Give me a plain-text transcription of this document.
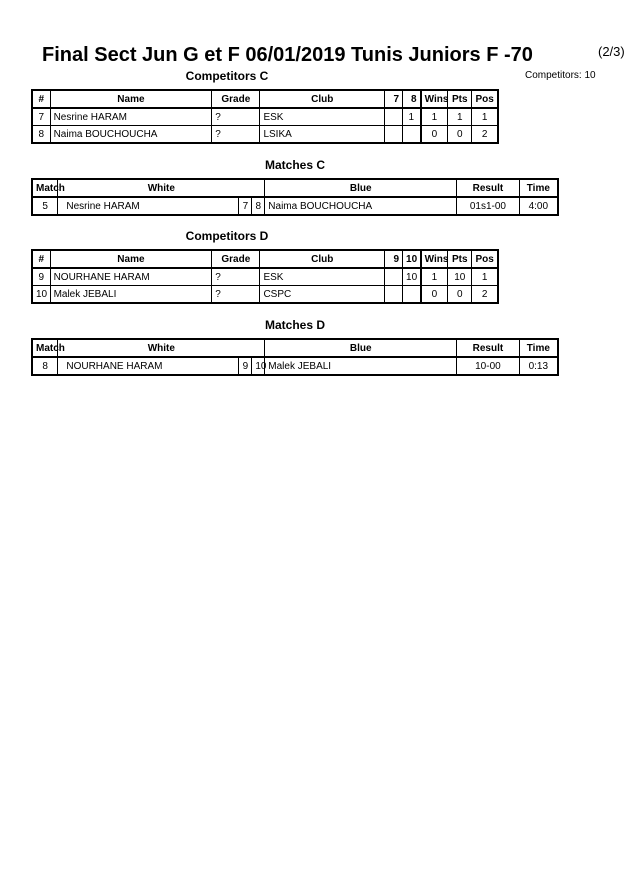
Final Sect Jun G et F 06/01/2019 Tunis Juniors F -70	(2/3)
Competitors: 10
Competitors C
#	Name	Grade	Club	7	8	Wins	Pts	Pos
7	Nesrine HARAM	?	ESK		1	1	1	1
8	Naima BOUCHOUCHA	?	LSIKA			0	0	2
Matches C
Match	White			Blue	Result	Time
5	Nesrine HARAM	7	8	Naima BOUCHOUCHA	01s1-00	4:00
Competitors D
#	Name	Grade	Club	9	10	Wins	Pts	Pos
9	NOURHANE HARAM	?	ESK		10	1	10	1
10	Malek JEBALI	?	CSPC			0	0	2
Matches D
Match	White			Blue	Result	Time
8	NOURHANE HARAM	9	10	Malek JEBALI	10-00	0:13
